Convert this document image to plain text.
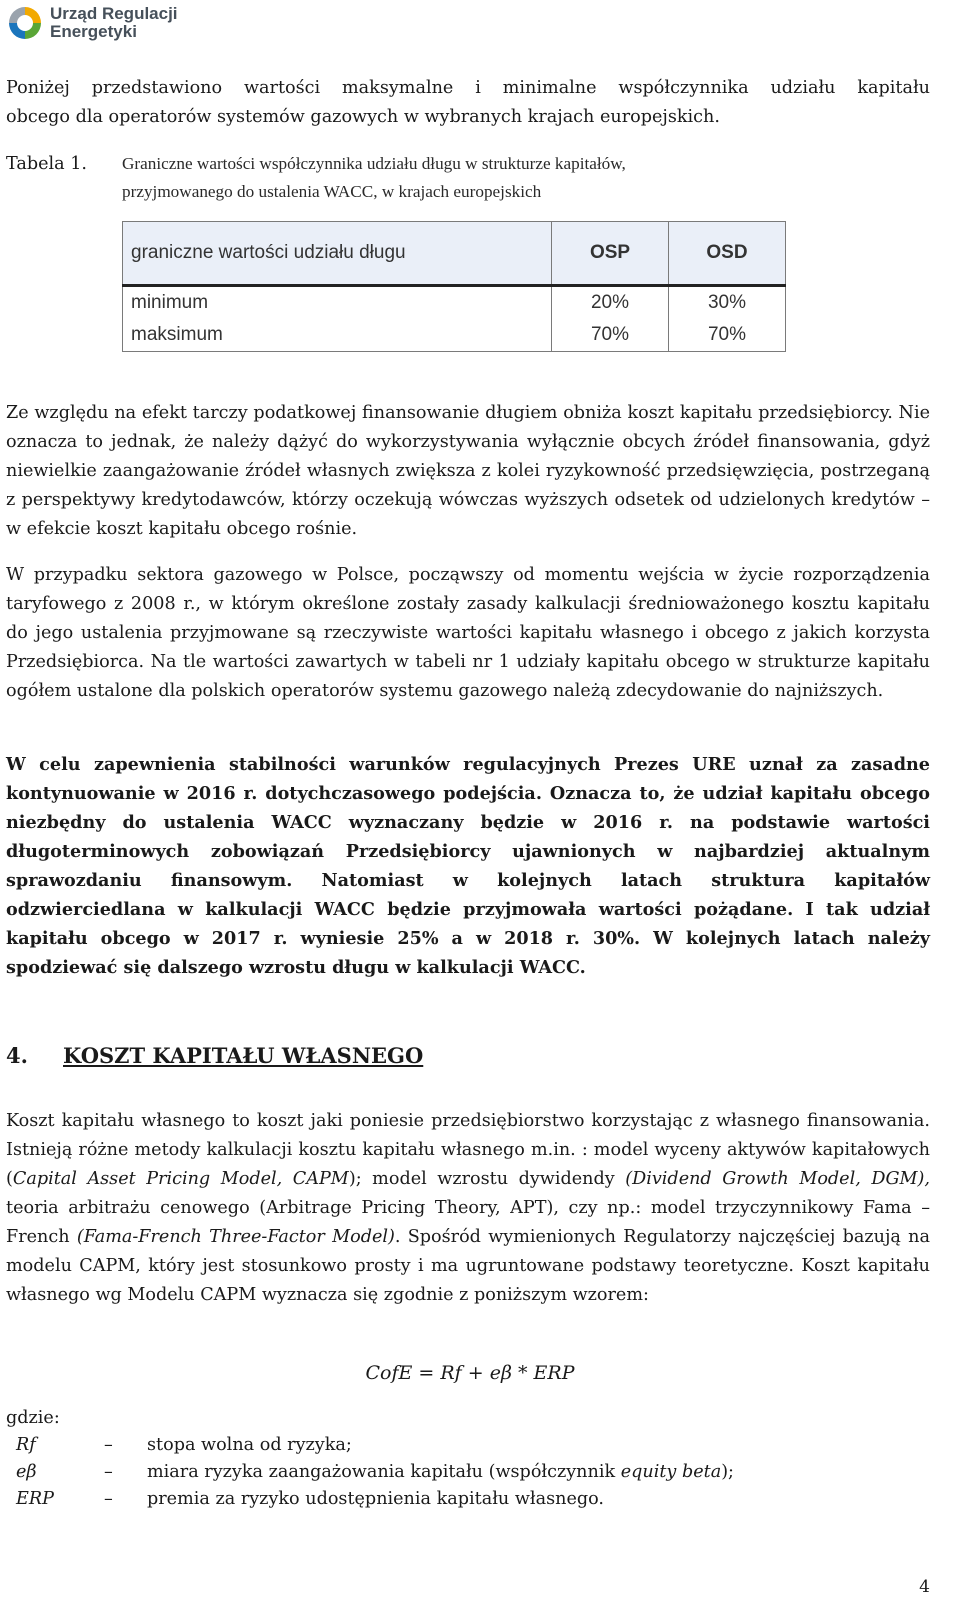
Urząd Regulacji
Energetyki

Poniżej przedstawiono wartości maksymalne i minimalne współczynnika udziału kapitału

obcego dla operatorów systemów gazowych w wybranych krajach europejskich.

Tabela 1. Graniczne wartości współczynnika udziału długu w strukturze kapitałów,
przyjmowanego do ustalenia WACC, w krajach europejskich
graniczne wartości udziału długu	OSP	OSD
minimum	20%	30%
maksimum	70%	70%

Ze względu na efekt tarczy podatkowej finansowanie długiem obniża koszt kapitału przedsiębiorcy. Nie oznacza to jednak, że należy dążyć do wykorzystywania wyłącznie obcych źródeł finansowania, gdyż niewielkie zaangażowanie źródeł własnych zwiększa z kolei ryzykowność przedsięwzięcia, postrzeganą z perspektywy kredytodawców, którzy oczekują wówczas wyższych odsetek od udzielonych kredytów – w efekcie koszt kapitału obcego rośnie.

W przypadku sektora gazowego w Polsce, począwszy od momentu wejścia w życie rozporządzenia taryfowego z 2008 r., w którym określone zostały zasady kalkulacji średnioważonego kosztu kapitału do jego ustalenia przyjmowane są rzeczywiste wartości kapitału własnego i obcego z jakich korzysta Przedsiębiorca. Na tle wartości zawartych w tabeli nr 1 udziały kapitału obcego w strukturze kapitału ogółem ustalone dla polskich operatorów systemu gazowego należą zdecydowanie do najniższych.

W celu zapewnienia stabilności warunków regulacyjnych Prezes URE uznał za zasadne kontynuowanie w 2016 r. dotychczasowego podejścia. Oznacza to, że udział kapitału obcego niezbędny do ustalenia WACC wyznaczany będzie w 2016 r. na podstawie wartości długoterminowych zobowiązań Przedsiębiorcy ujawnionych w najbardziej aktualnym sprawozdaniu finansowym. Natomiast w kolejnych latach struktura kapitałów odzwierciedlana w kalkulacji WACC będzie przyjmowała wartości pożądane. I tak udział kapitału obcego w 2017 r. wyniesie 25% a w 2018 r. 30%. W kolejnych latach należy spodziewać się dalszego wzrostu długu w kalkulacji WACC.

4. KOSZT KAPITAŁU WŁASNEGO

Koszt kapitału własnego to koszt jaki poniesie przedsiębiorstwo korzystając z własnego finansowania. Istnieją różne metody kalkulacji kosztu kapitału własnego m.in. : model wyceny aktywów kapitałowych (Capital Asset Pricing Model, CAPM); model wzrostu dywidendy (Dividend Growth Model, DGM), teoria arbitrażu cenowego (Arbitrage Pricing Theory, APT), czy np.: model trzyczynnikowy Fama – French (Fama-French Three-Factor Model). Spośród wymienionych Regulatorzy najczęściej bazują na modelu CAPM, który jest stosunkowo prosty i ma ugruntowane podstawy teoretyczne. Koszt kapitału własnego wg Modelu CAPM wyznacza się zgodnie z poniższym wzorem:

CofE = Rf + eβ * ERP
gdzie:
Rf	– stopa wolna od ryzyka;
eβ	– miara ryzyka zaangażowania kapitału (współczynnik equity beta);
ERP	– premia za ryzyko udostępnienia kapitału własnego.
4
